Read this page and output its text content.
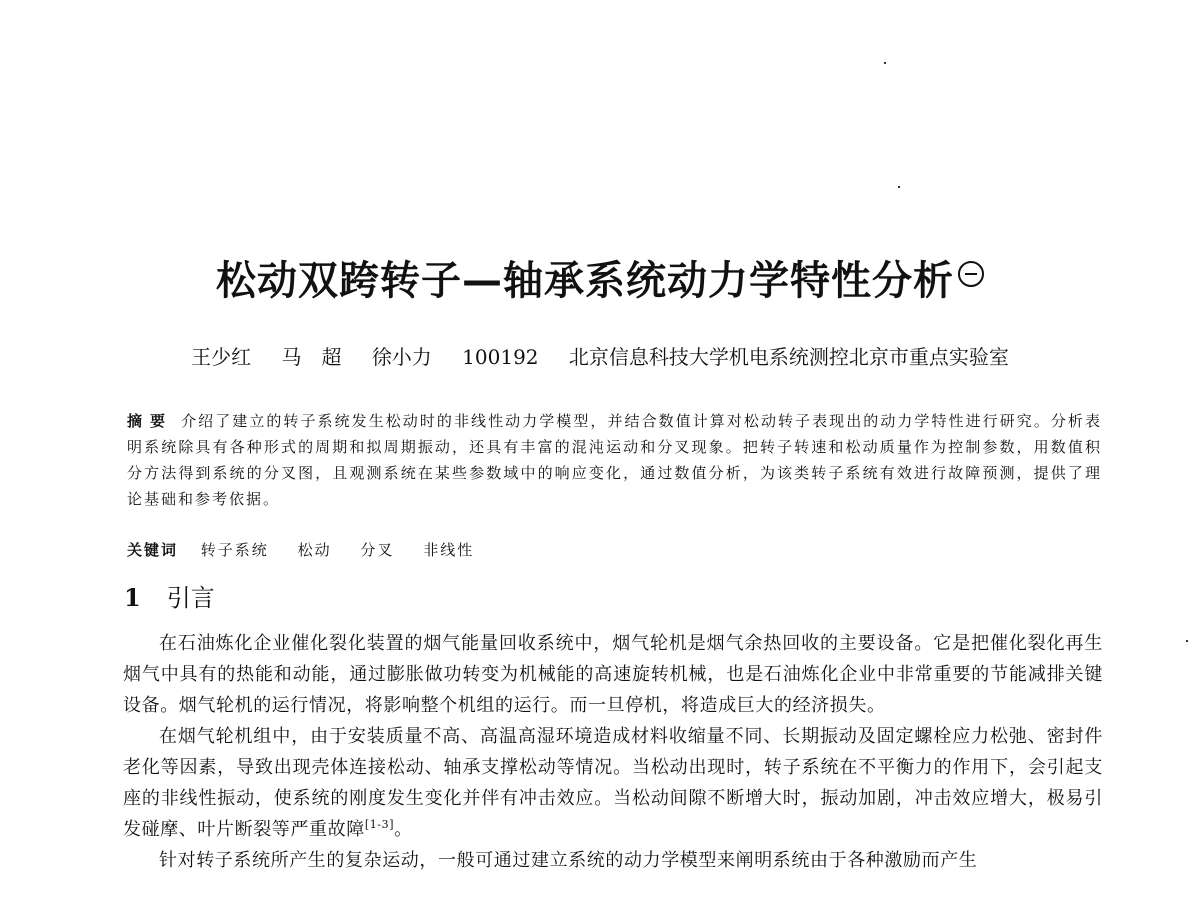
松动双跨转子—轴承系统动力学特性分析
王少红 马　超 徐小力 100192 北京信息科技大学机电系统测控北京市重点实验室
摘要 介绍了建立的转子系统发生松动时的非线性动力学模型，并结合数值计算对松动转子表现出的动力学特性进行研究。分析表明系统除具有各种形式的周期和拟周期振动，还具有丰富的混沌运动和分叉现象。把转子转速和松动质量作为控制参数，用数值积分方法得到系统的分叉图，且观测系统在某些参数域中的响应变化，通过数值分析，为该类转子系统有效进行故障预测，提供了理论基础和参考依据。
关键词 转子系统 松动 分叉 非线性
1 引言

在石油炼化企业催化裂化装置的烟气能量回收系统中，烟气轮机是烟气余热回收的主要设备。它是把催化裂化再生烟气中具有的热能和动能，通过膨胀做功转变为机械能的高速旋转机械，也是石油炼化企业中非常重要的节能减排关键设备。烟气轮机的运行情况，将影响整个机组的运行。而一旦停机，将造成巨大的经济损失。

在烟气轮机组中，由于安装质量不高、高温高湿环境造成材料收缩量不同、长期振动及固定螺栓应力松弛、密封件老化等因素，导致出现壳体连接松动、轴承支撑松动等情况。当松动出现时，转子系统在不平衡力的作用下，会引起支座的非线性振动，使系统的刚度发生变化并伴有冲击效应。当松动间隙不断增大时，振动加剧，冲击效应增大，极易引发碰摩、叶片断裂等严重故障[1-3]。

针对转子系统所产生的复杂运动，一般可通过建立系统的动力学模型来阐明系统由于各种激励而产生
